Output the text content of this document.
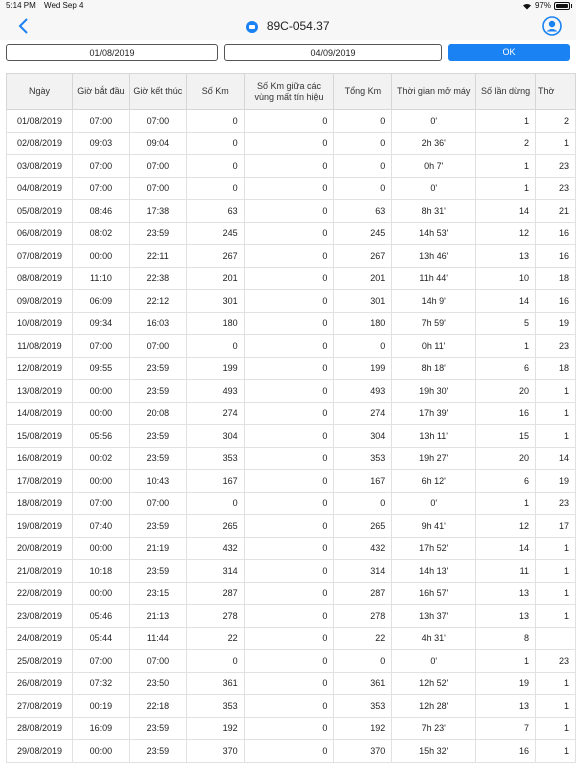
5:14 PM Wed Sep 4	97%
89C-054.37
01/08/2019	04/09/2019	OK
Ngày	Giờ bắt đầu	Giờ kết thúc	Số Km	Số Km giữa các vùng mất tín hiệu	Tổng Km	Thời gian mở máy	Số lần dừng	Thờ
01/08/2019	07:00	07:00	0	0	0	0'	1	2
02/08/2019	09:03	09:04	0	0	0	2h 36'	2	1
03/08/2019	07:00	07:00	0	0	0	0h 7'	1	23
04/08/2019	07:00	07:00	0	0	0	0'	1	23
05/08/2019	08:46	17:38	63	0	63	8h 31'	14	21
06/08/2019	08:02	23:59	245	0	245	14h 53'	12	16
07/08/2019	00:00	22:11	267	0	267	13h 46'	13	16
08/08/2019	11:10	22:38	201	0	201	11h 44'	10	18
09/08/2019	06:09	22:12	301	0	301	14h 9'	14	16
10/08/2019	09:34	16:03	180	0	180	7h 59'	5	19
11/08/2019	07:00	07:00	0	0	0	0h 11'	1	23
12/08/2019	09:55	23:59	199	0	199	8h 18'	6	18
13/08/2019	00:00	23:59	493	0	493	19h 30'	20	1
14/08/2019	00:00	20:08	274	0	274	17h 39'	16	1
15/08/2019	05:56	23:59	304	0	304	13h 11'	15	1
16/08/2019	00:02	23:59	353	0	353	19h 27'	20	14
17/08/2019	00:00	10:43	167	0	167	6h 12'	6	19
18/08/2019	07:00	07:00	0	0	0	0'	1	23
19/08/2019	07:40	23:59	265	0	265	9h 41'	12	17
20/08/2019	00:00	21:19	432	0	432	17h 52'	14	1
21/08/2019	10:18	23:59	314	0	314	14h 13'	11	1
22/08/2019	00:00	23:15	287	0	287	16h 57'	13	1
23/08/2019	05:46	21:13	278	0	278	13h 37'	13	1
24/08/2019	05:44	11:44	22	0	22	4h 31'	8	
25/08/2019	07:00	07:00	0	0	0	0'	1	23
26/08/2019	07:32	23:50	361	0	361	12h 52'	19	1
27/08/2019	00:19	22:18	353	0	353	12h 28'	13	1
28/08/2019	16:09	23:59	192	0	192	7h 23'	7	1
29/08/2019	00:00	23:59	370	0	370	15h 32'	16	1
